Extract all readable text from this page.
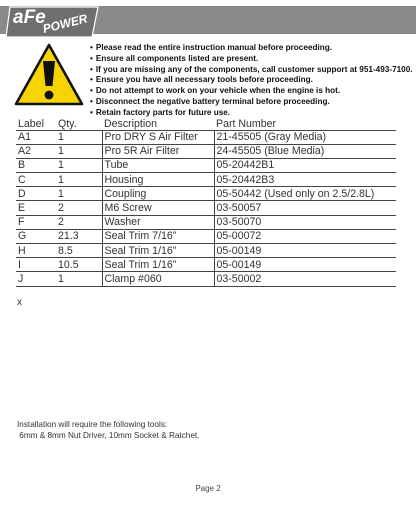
aFe
POWER
• Please read the entire instruction manual before proceeding.
• Ensure all components listed are present.
• If you are missing any of the components, call customer support at 951-493-7100.
• Ensure you have all necessary tools before proceeding.
• Do not attempt to work on your vehicle when the engine is hot.
• Disconnect the negative battery terminal before proceeding.
• Retain factory parts for future use.
Label	Qty.	Description	Part Number
A1	1	Pro DRY S Air Filter	21-45505 (Gray Media)
A2	1	Pro 5R Air Filter	24-45505 (Blue Media)
B	1	Tube	05-20442B1
C	1	Housing	05-20442B3
D	1	Coupling	05-50442 (Used only on 2.5/2.8L)
E	2	M6 Screw	03-50057
F	2	Washer	03-50070
G	21.3	Seal Trim 7/16”	05-00072
H	8.5	Seal Trim 1/16”	05-00149
I	10.5	Seal Trim 1/16”	05-00149
J	1	Clamp #060	03-50002
x
Installation will require the following tools:
6mm & 8mm Nut Driver, 10mm Socket & Ratchet.
Page 2
